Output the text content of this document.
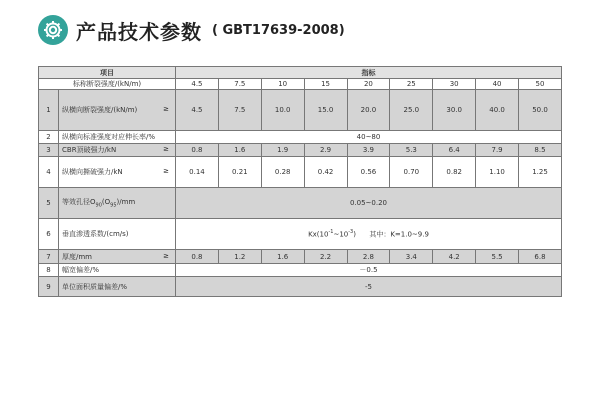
产品技术参数 ( GBT17639-2008)
项目		指标								
标称断裂强度/(kN/m)		4.5	7.5	10	15	20	25	30	40	50
1	纵横向断裂强度/(kN/m) ≥	4.5	7.5	10.0	15.0	20.0	25.0	30.0	40.0	50.0
2	纵横向标准强度对应伸长率/%	40~80								
3	CBR顶破强力/kN ≥	0.8	1.6	1.9	2.9	3.9	5.3	6.4	7.9	8.5
4	纵横向撕破强力/kN ≥	0.14	0.21	0.28	0.42	0.56	0.70	0.82	1.10	1.25
5	等效孔径$O_{90}(O_{95})/mm$	0.05~0.20								
6	垂直渗透系数/(cm/s)	$Kx(10^{-1}\sim 10^{-3})$      其中：K=1.0~9.9								
7	厚度/mm ≥	0.8	1.2	1.6	2.2	2.8	3.4	4.2	5.5	6.8
8	幅宽偏差/%	－0.5								
9	单位面积质量偏差/%	-5								
